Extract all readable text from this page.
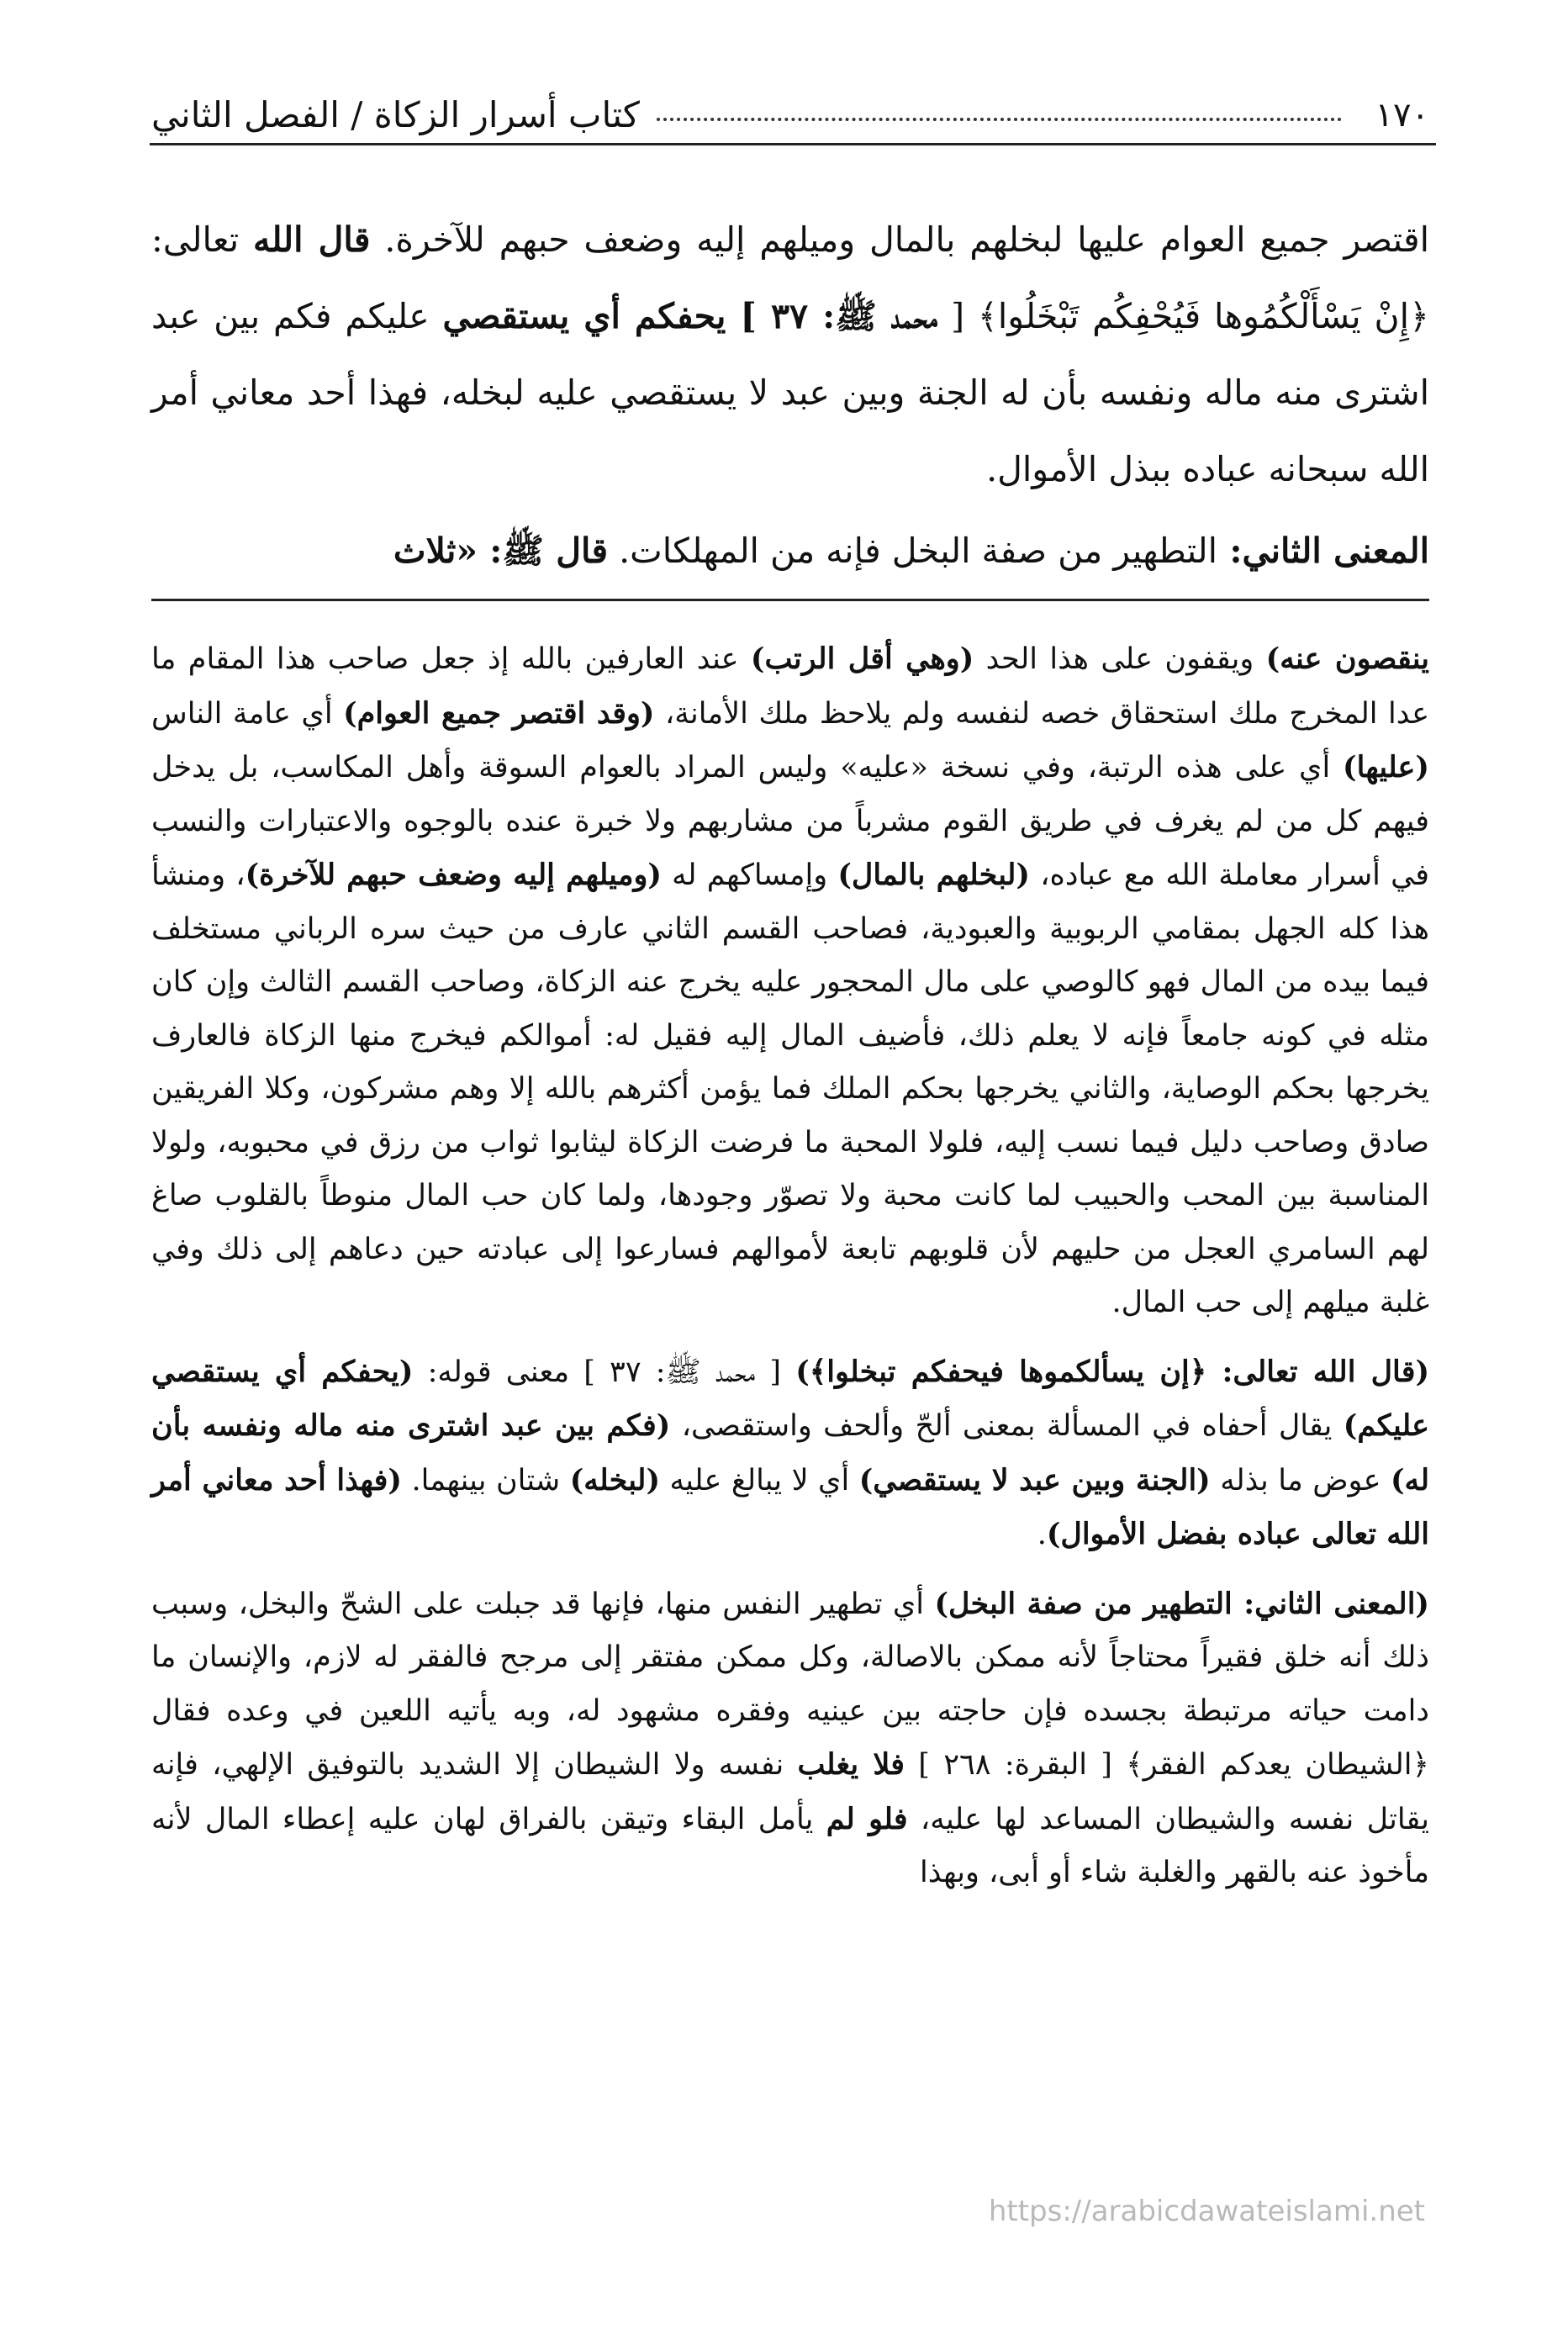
١٧٠
كتاب أسرار الزكاة / الفصل الثاني

اقتصر جميع العوام عليها لبخلهم بالمال وميلهم إليه وضعف حبهم للآخرة. قال الله تعالى: ﴿إِنْ يَسْأَلْكُمُوها فَيُحْفِكُم تَبْخَلُوا﴾ [ محمد ﷺ: ٣٧ ] يحفكم أي يستقصي عليكم فكم بين عبد اشترى منه ماله ونفسه بأن له الجنة وبين عبد لا يستقصي عليه لبخله، فهذا أحد معاني أمر الله سبحانه عباده ببذل الأموال.

المعنى الثاني: التطهير من صفة البخل فإنه من المهلكات. قال ﷺ: «ثلاث

ينقصون عنه) ويقفون على هذا الحد (وهي أقل الرتب) عند العارفين بالله إذ جعل صاحب هذا المقام ما عدا المخرج ملك استحقاق خصه لنفسه ولم يلاحظ ملك الأمانة، (وقد اقتصر جميع العوام) أي عامة الناس (عليها) أي على هذه الرتبة، وفي نسخة «عليه» وليس المراد بالعوام السوقة وأهل المكاسب، بل يدخل فيهم كل من لم يغرف في طريق القوم مشرباً من مشاربهم ولا خبرة عنده بالوجوه والاعتبارات والنسب في أسرار معاملة الله مع عباده، (لبخلهم بالمال) وإمساكهم له (وميلهم إليه وضعف حبهم للآخرة)، ومنشأ هذا كله الجهل بمقامي الربوبية والعبودية، فصاحب القسم الثاني عارف من حيث سره الرباني مستخلف فيما بيده من المال فهو كالوصي على مال المحجور عليه يخرج عنه الزكاة، وصاحب القسم الثالث وإن كان مثله في كونه جامعاً فإنه لا يعلم ذلك، فأضيف المال إليه فقيل له: أموالكم فيخرج منها الزكاة فالعارف يخرجها بحكم الوصاية، والثاني يخرجها بحكم الملك فما يؤمن أكثرهم بالله إلا وهم مشركون، وكلا الفريقين صادق وصاحب دليل فيما نسب إليه، فلولا المحبة ما فرضت الزكاة ليثابوا ثواب من رزق في محبوبه، ولولا المناسبة بين المحب والحبيب لما كانت محبة ولا تصوّر وجودها، ولما كان حب المال منوطاً بالقلوب صاغ لهم السامري العجل من حليهم لأن قلوبهم تابعة لأموالهم فسارعوا إلى عبادته حين دعاهم إلى ذلك وفي غلبة ميلهم إلى حب المال.

(قال الله تعالى: ﴿إن يسألكموها فيحفكم تبخلوا﴾) [ محمد ﷺ: ٣٧ ] معنى قوله: (يحفكم أي يستقصي عليكم) يقال أحفاه في المسألة بمعنى ألحّ وألحف واستقصى، (فكم بين عبد اشترى منه ماله ونفسه بأن له) عوض ما بذله (الجنة وبين عبد لا يستقصي) أي لا يبالغ عليه (لبخله) شتان بينهما. (فهذا أحد معاني أمر الله تعالى عباده بفضل الأموال).

(المعنى الثاني: التطهير من صفة البخل) أي تطهير النفس منها، فإنها قد جبلت على الشحّ والبخل، وسبب ذلك أنه خلق فقيراً محتاجاً لأنه ممكن بالاصالة، وكل ممكن مفتقر إلى مرجح فالفقر له لازم، والإنسان ما دامت حياته مرتبطة بجسده فإن حاجته بين عينيه وفقره مشهود له، وبه يأتيه اللعين في وعده فقال ﴿الشيطان يعدكم الفقر﴾ [ البقرة: ٢٦٨ ] فلا يغلب نفسه ولا الشيطان إلا الشديد بالتوفيق الإلهي، فإنه يقاتل نفسه والشيطان المساعد لها عليه، فلو لم يأمل البقاء وتيقن بالفراق لهان عليه إعطاء المال لأنه مأخوذ عنه بالقهر والغلبة شاء أو أبى، وبهذا

https://arabicdawateislami.net
